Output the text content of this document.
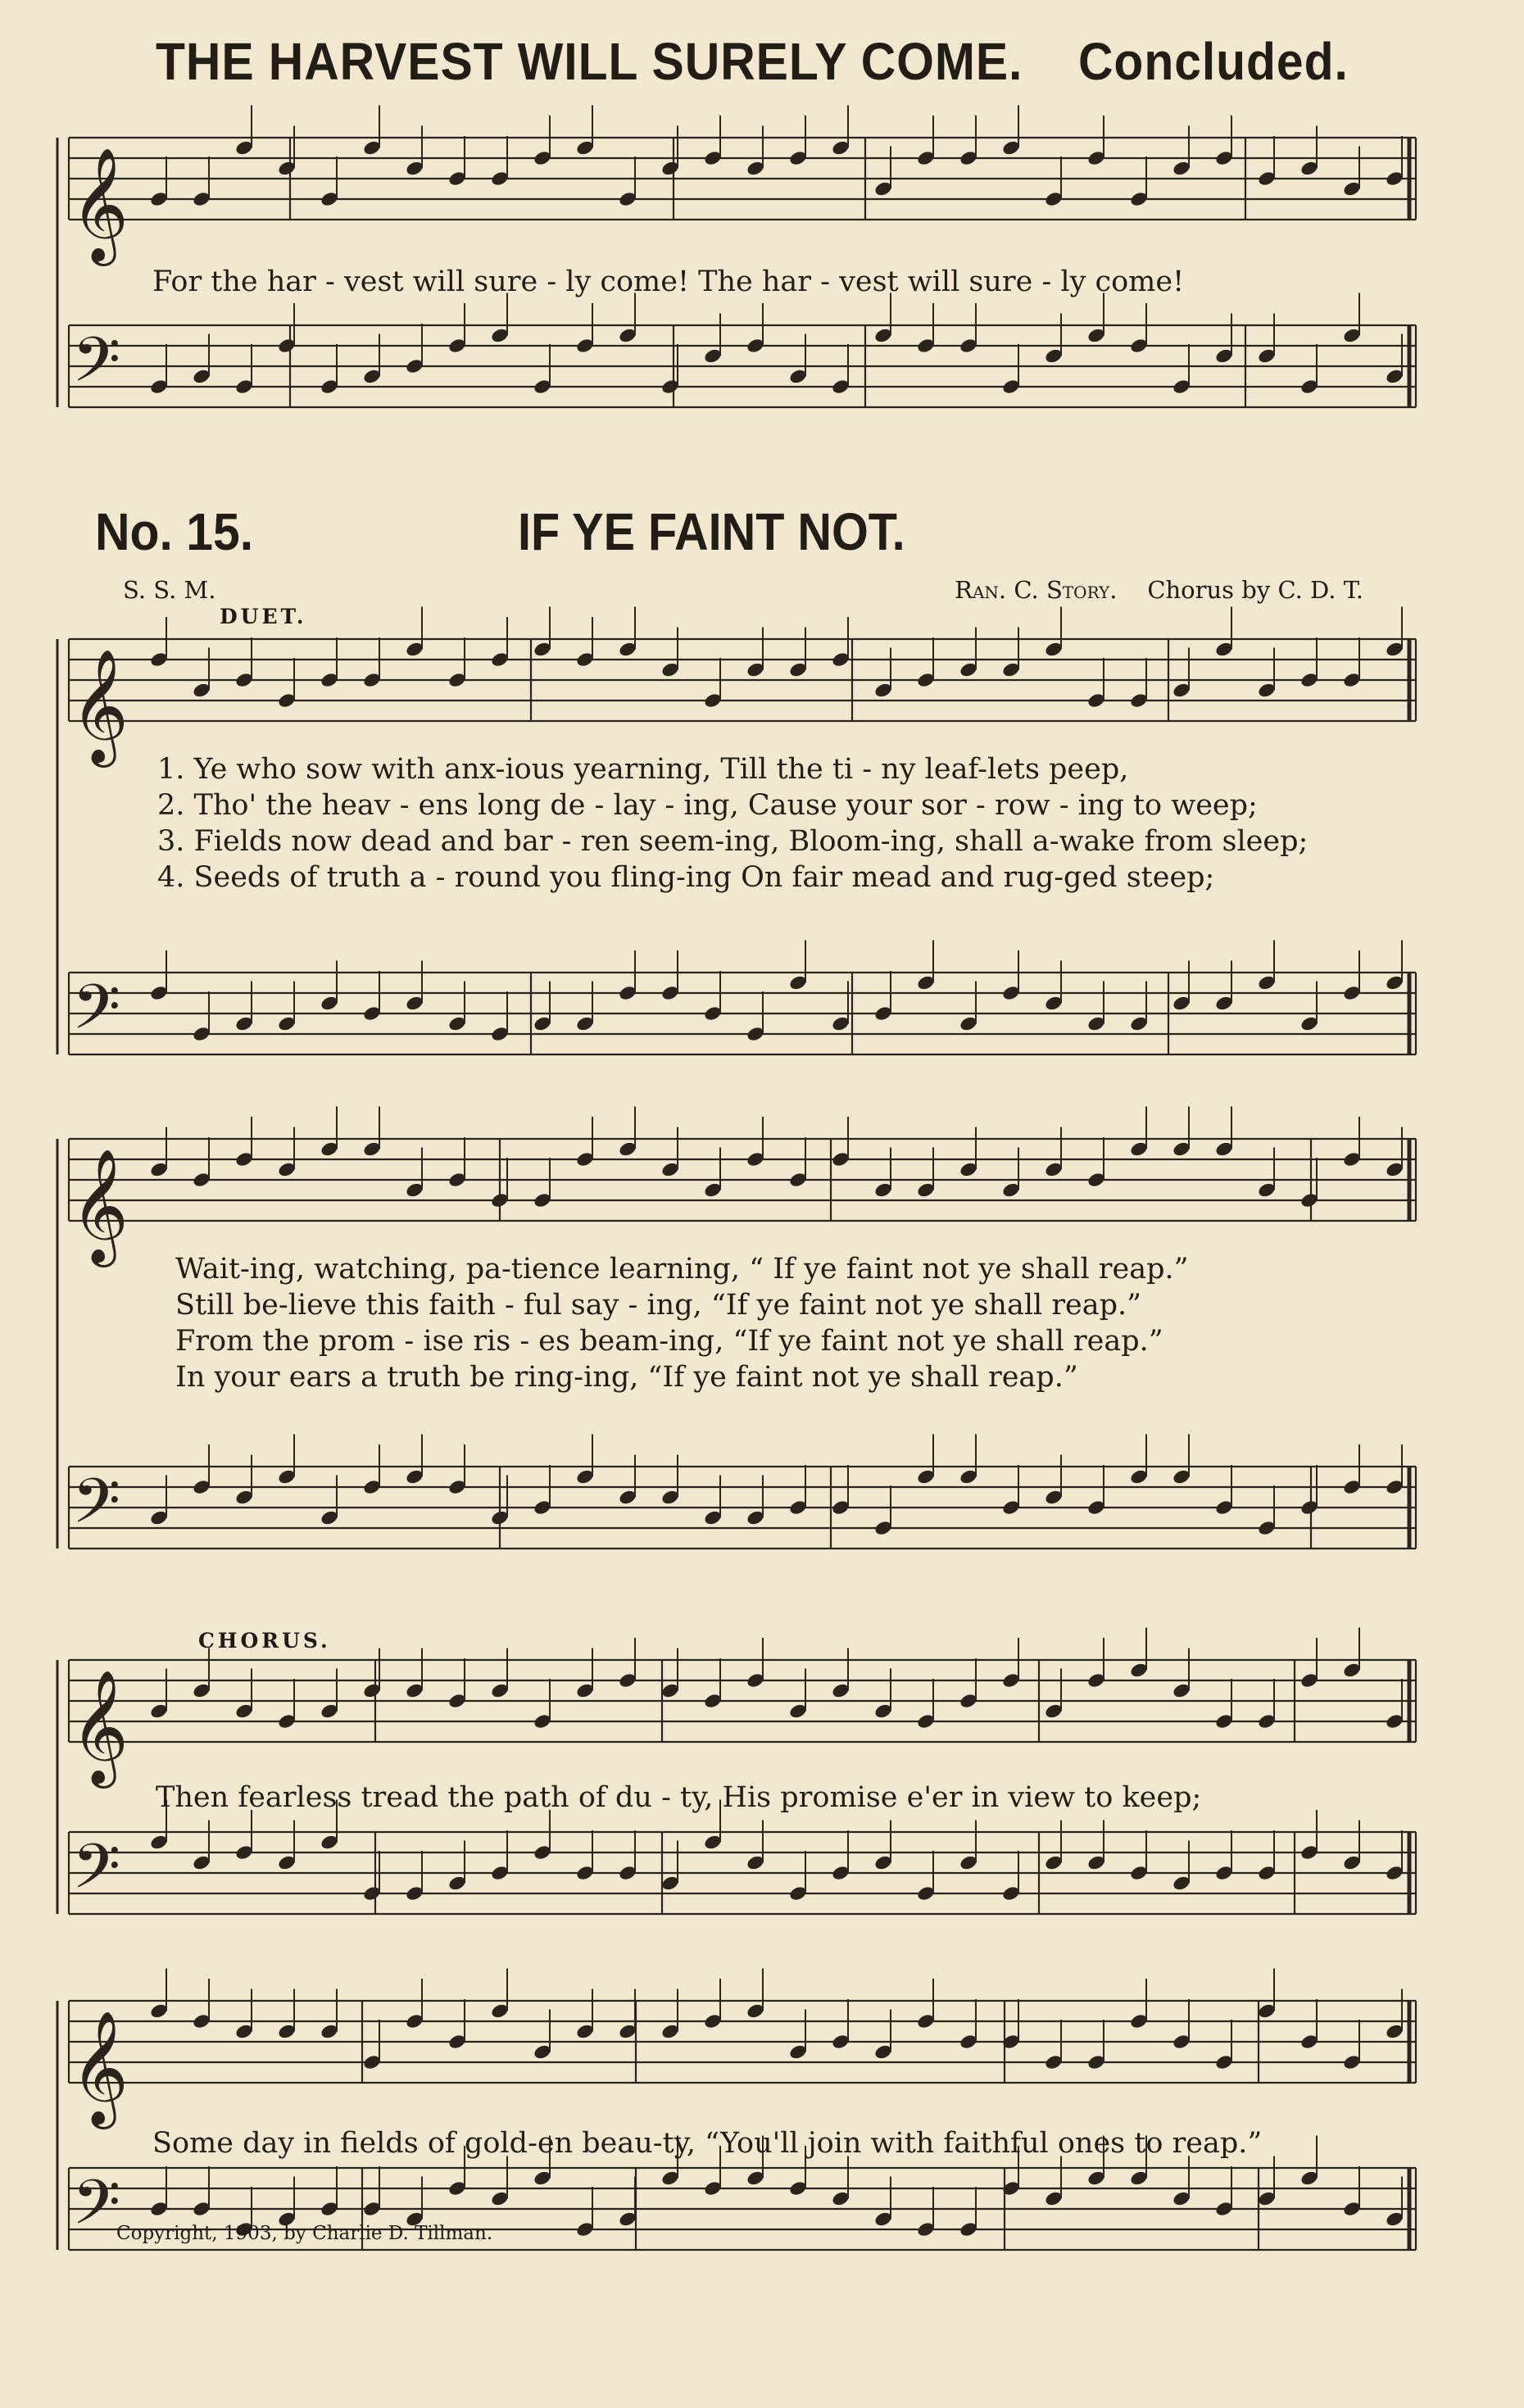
THE HARVEST WILL SURELY COME. Concluded.
𝄞
𝄢
𝄞
𝄢
𝄞
𝄢
𝄞
𝄢
𝄞
𝄢
For the har - vest will sure - ly come! The har - vest will sure - ly come!
No. 15.	IF YE FAINT NOT.
S. S. M.	Ran. C. Story. Chorus by C. D. T.
DUET.
1. Ye who sow with anx-ious yearning, Till the ti - ny leaf-lets peep,
2. Tho' the heav - ens long de - lay - ing, Cause your sor - row - ing to weep;
3. Fields now dead and bar - ren seem-ing, Bloom-ing, shall a-wake from sleep;
4. Seeds of truth a - round you fling-ing On fair mead and rug-ged steep;
Wait-ing, watching, pa-tience learning, “ If ye faint not ye shall reap.”
Still be-lieve this faith - ful say - ing, “If ye faint not ye shall reap.”
From the prom - ise ris - es beam-ing, “If ye faint not ye shall reap.”
In your ears a truth be ring-ing, “If ye faint not ye shall reap.”
CHORUS.
Then fearless tread the path of du - ty, His promise e'er in view to keep;
Some day in fields of gold-en beau-ty, “You'll join with faithful ones to reap.”
Copyright, 1903, by Charlie D. Tillman.
